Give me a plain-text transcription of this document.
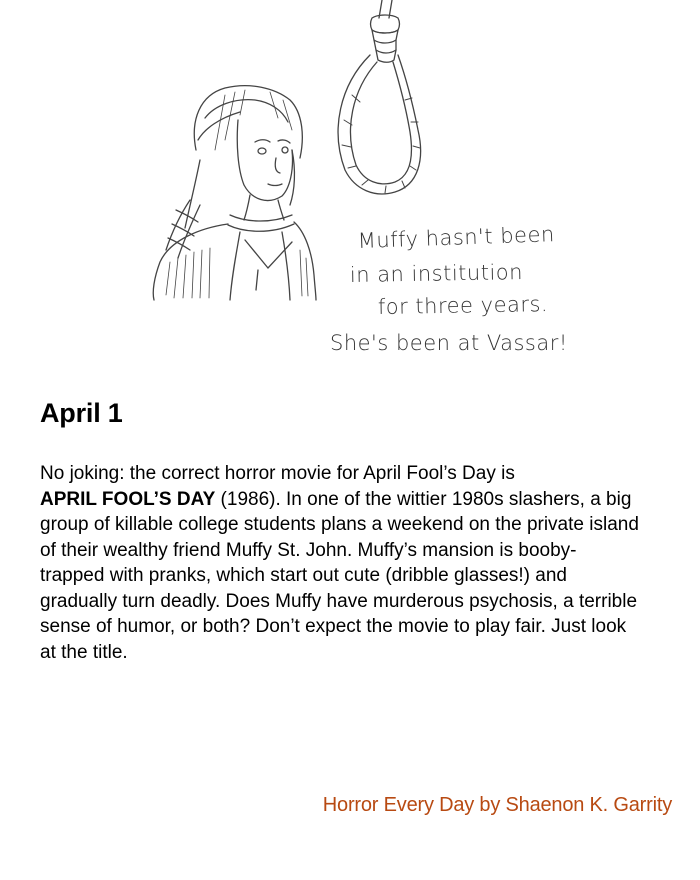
Muffy hasn't been
in an institution
for three years.
She's been at Vassar!
April 1

No joking: the correct horror movie for April Fool’s Day is
APRIL FOOL’S DAY (1986). In one of the wittier 1980s slashers, a big group of killable college students plans a weekend on the private island of their wealthy friend Muffy St. John. Muffy’s mansion is booby-trapped with pranks, which start out cute (dribble glasses!) and gradually turn deadly. Does Muffy have murderous psychosis, a terrible sense of humor, or both? Don’t expect the movie to play fair. Just look at the title.

Horror Every Day by Shaenon K. Garrity
